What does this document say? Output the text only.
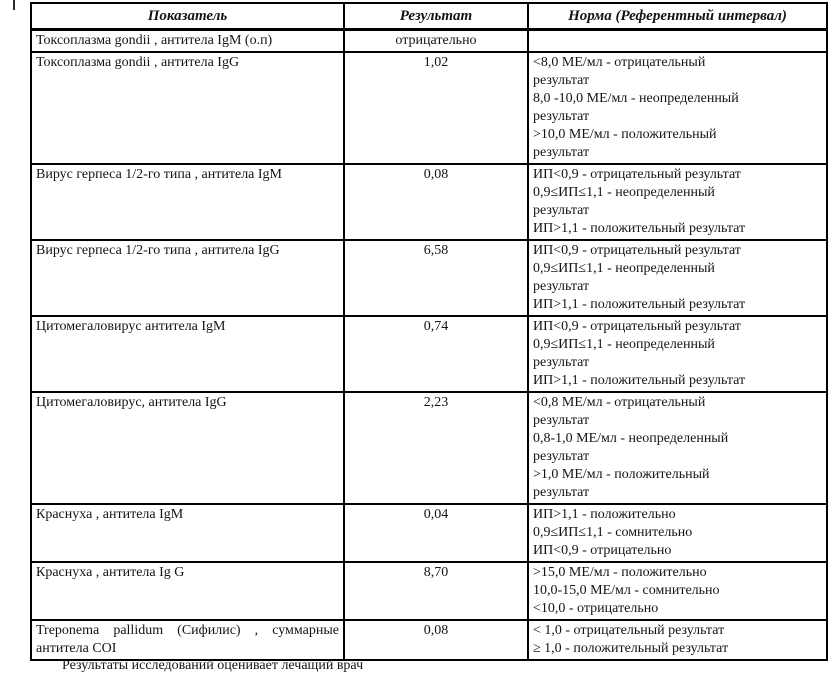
Показатель	Результат	Норма (Референтный интервал)

Токсоплазма gondii , антитела IgM (о.п)	отрицательно	

Токсоплазма gondii , антитела IgG	1,02	<8,0 МЕ/мл - отрицательный
результат
8,0 -10,0 МЕ/мл - неопределенный
результат
>10,0 МЕ/мл - положительный
результат

Вирус герпеса 1/2-го типа , антитела IgM	0,08	ИП<0,9 - отрицательный результат
0,9≤ИП≤1,1 - неопределенный
результат
ИП>1,1 - положительный результат

Вирус герпеса 1/2-го типа , антитела IgG	6,58	ИП<0,9 - отрицательный результат
0,9≤ИП≤1,1 - неопределенный
результат
ИП>1,1 - положительный результат

Цитомегаловирус антитела IgM	0,74	ИП<0,9 - отрицательный результат
0,9≤ИП≤1,1 - неопределенный
результат
ИП>1,1 - положительный результат

Цитомегаловирус, антитела IgG	2,23	<0,8 МЕ/мл - отрицательный
результат
0,8-1,0 МЕ/мл - неопределенный
результат
>1,0 МЕ/мл - положительный
результат

Краснуха , антитела IgM	0,04	ИП>1,1 - положительно
0,9≤ИП≤1,1 - сомнительно
ИП<0,9 - отрицательно

Краснуха , антитела Ig G	8,70	>15,0 МЕ/мл - положительно
10,0-15,0 МЕ/мл - сомнительно
<10,0 - отрицательно

Treponema pallidum (Сифилис) , суммарные
антитела COI
	0,08	< 1,0 - отрицательный результат
≥ 1,0 - положительный результат
Результаты исследований оценивает лечащий врач
